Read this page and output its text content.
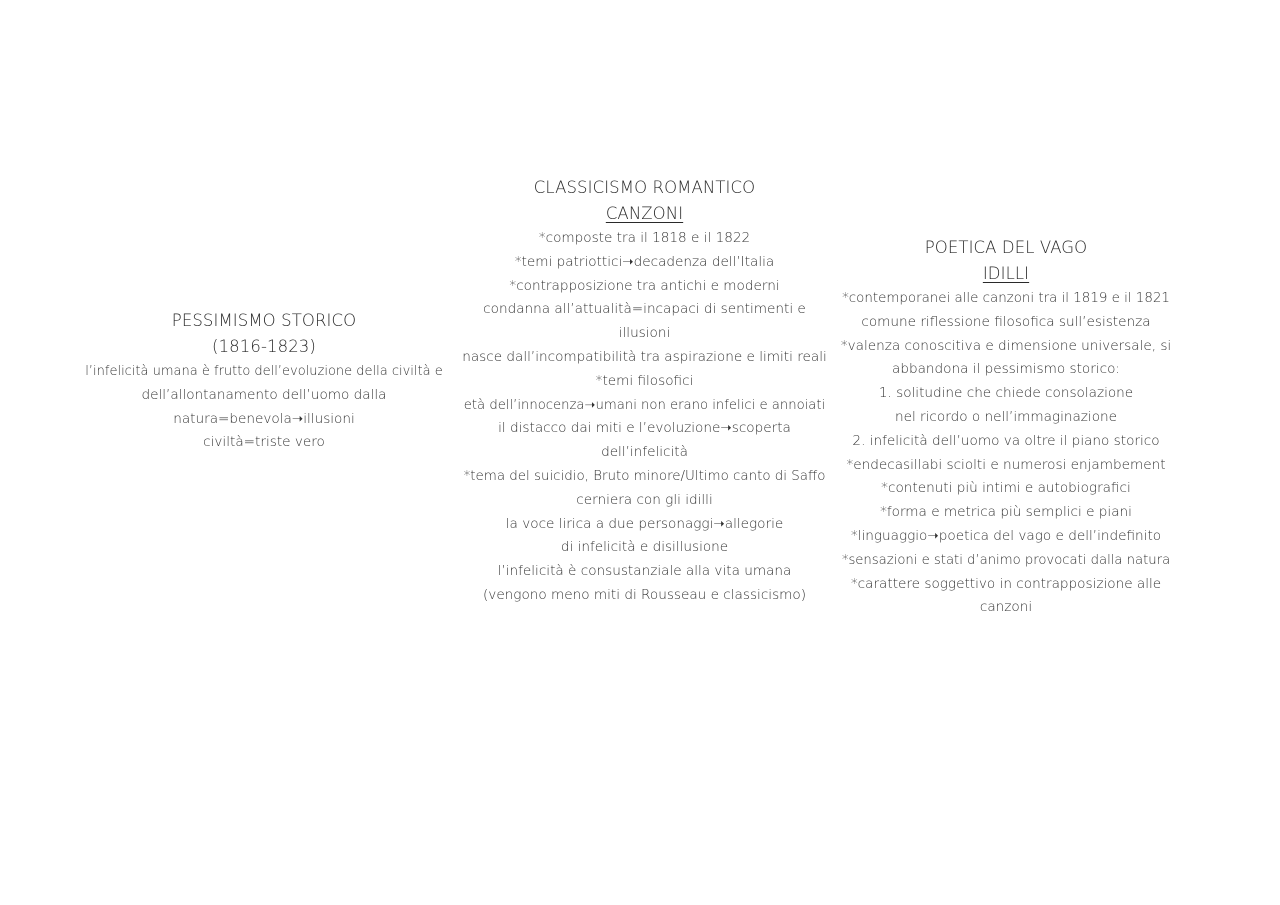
PESSIMISMO STORICO
(1816-1823)
l’infelicità umana è frutto dell’evoluzione della civiltà e
dell’allontanamento dell’uomo dalla
natura=benevola➝illusioni
civiltà=triste vero
CLASSICISMO ROMANTICO
CANZONI
*composte tra il 1818 e il 1822
*temi patriottici➝decadenza dell’Italia
*contrapposizione tra antichi e moderni
condanna all’attualità=incapaci di sentimenti e
illusioni
nasce dall’incompatibilità tra aspirazione e limiti reali
*temi filosofici
età dell’innocenza➝umani non erano infelici e annoiati
il distacco dai miti e l’evoluzione➝scoperta
dell’infelicità
*tema del suicidio, Bruto minore/Ultimo canto di Saffo
cerniera con gli idilli
la voce lirica a due personaggi➝allegorie
di infelicità e disillusione
l’infelicità è consustanziale alla vita umana
(vengono meno miti di Rousseau e classicismo)
POETICA DEL VAGO
IDILLI
*contemporanei alle canzoni tra il 1819 e il 1821
comune riflessione filosofica sull’esistenza
*valenza conoscitiva e dimensione universale, si
abbandona il pessimismo storico:
1. solitudine che chiede consolazione
nel ricordo o nell’immaginazione
2. infelicità dell’uomo va oltre il piano storico
*endecasillabi sciolti e numerosi enjambement
*contenuti più intimi e autobiografici
*forma e metrica più semplici e piani
*linguaggio➝poetica del vago e dell’indefinito
*sensazioni e stati d’animo provocati dalla natura
*carattere soggettivo in contrapposizione alle
canzoni
